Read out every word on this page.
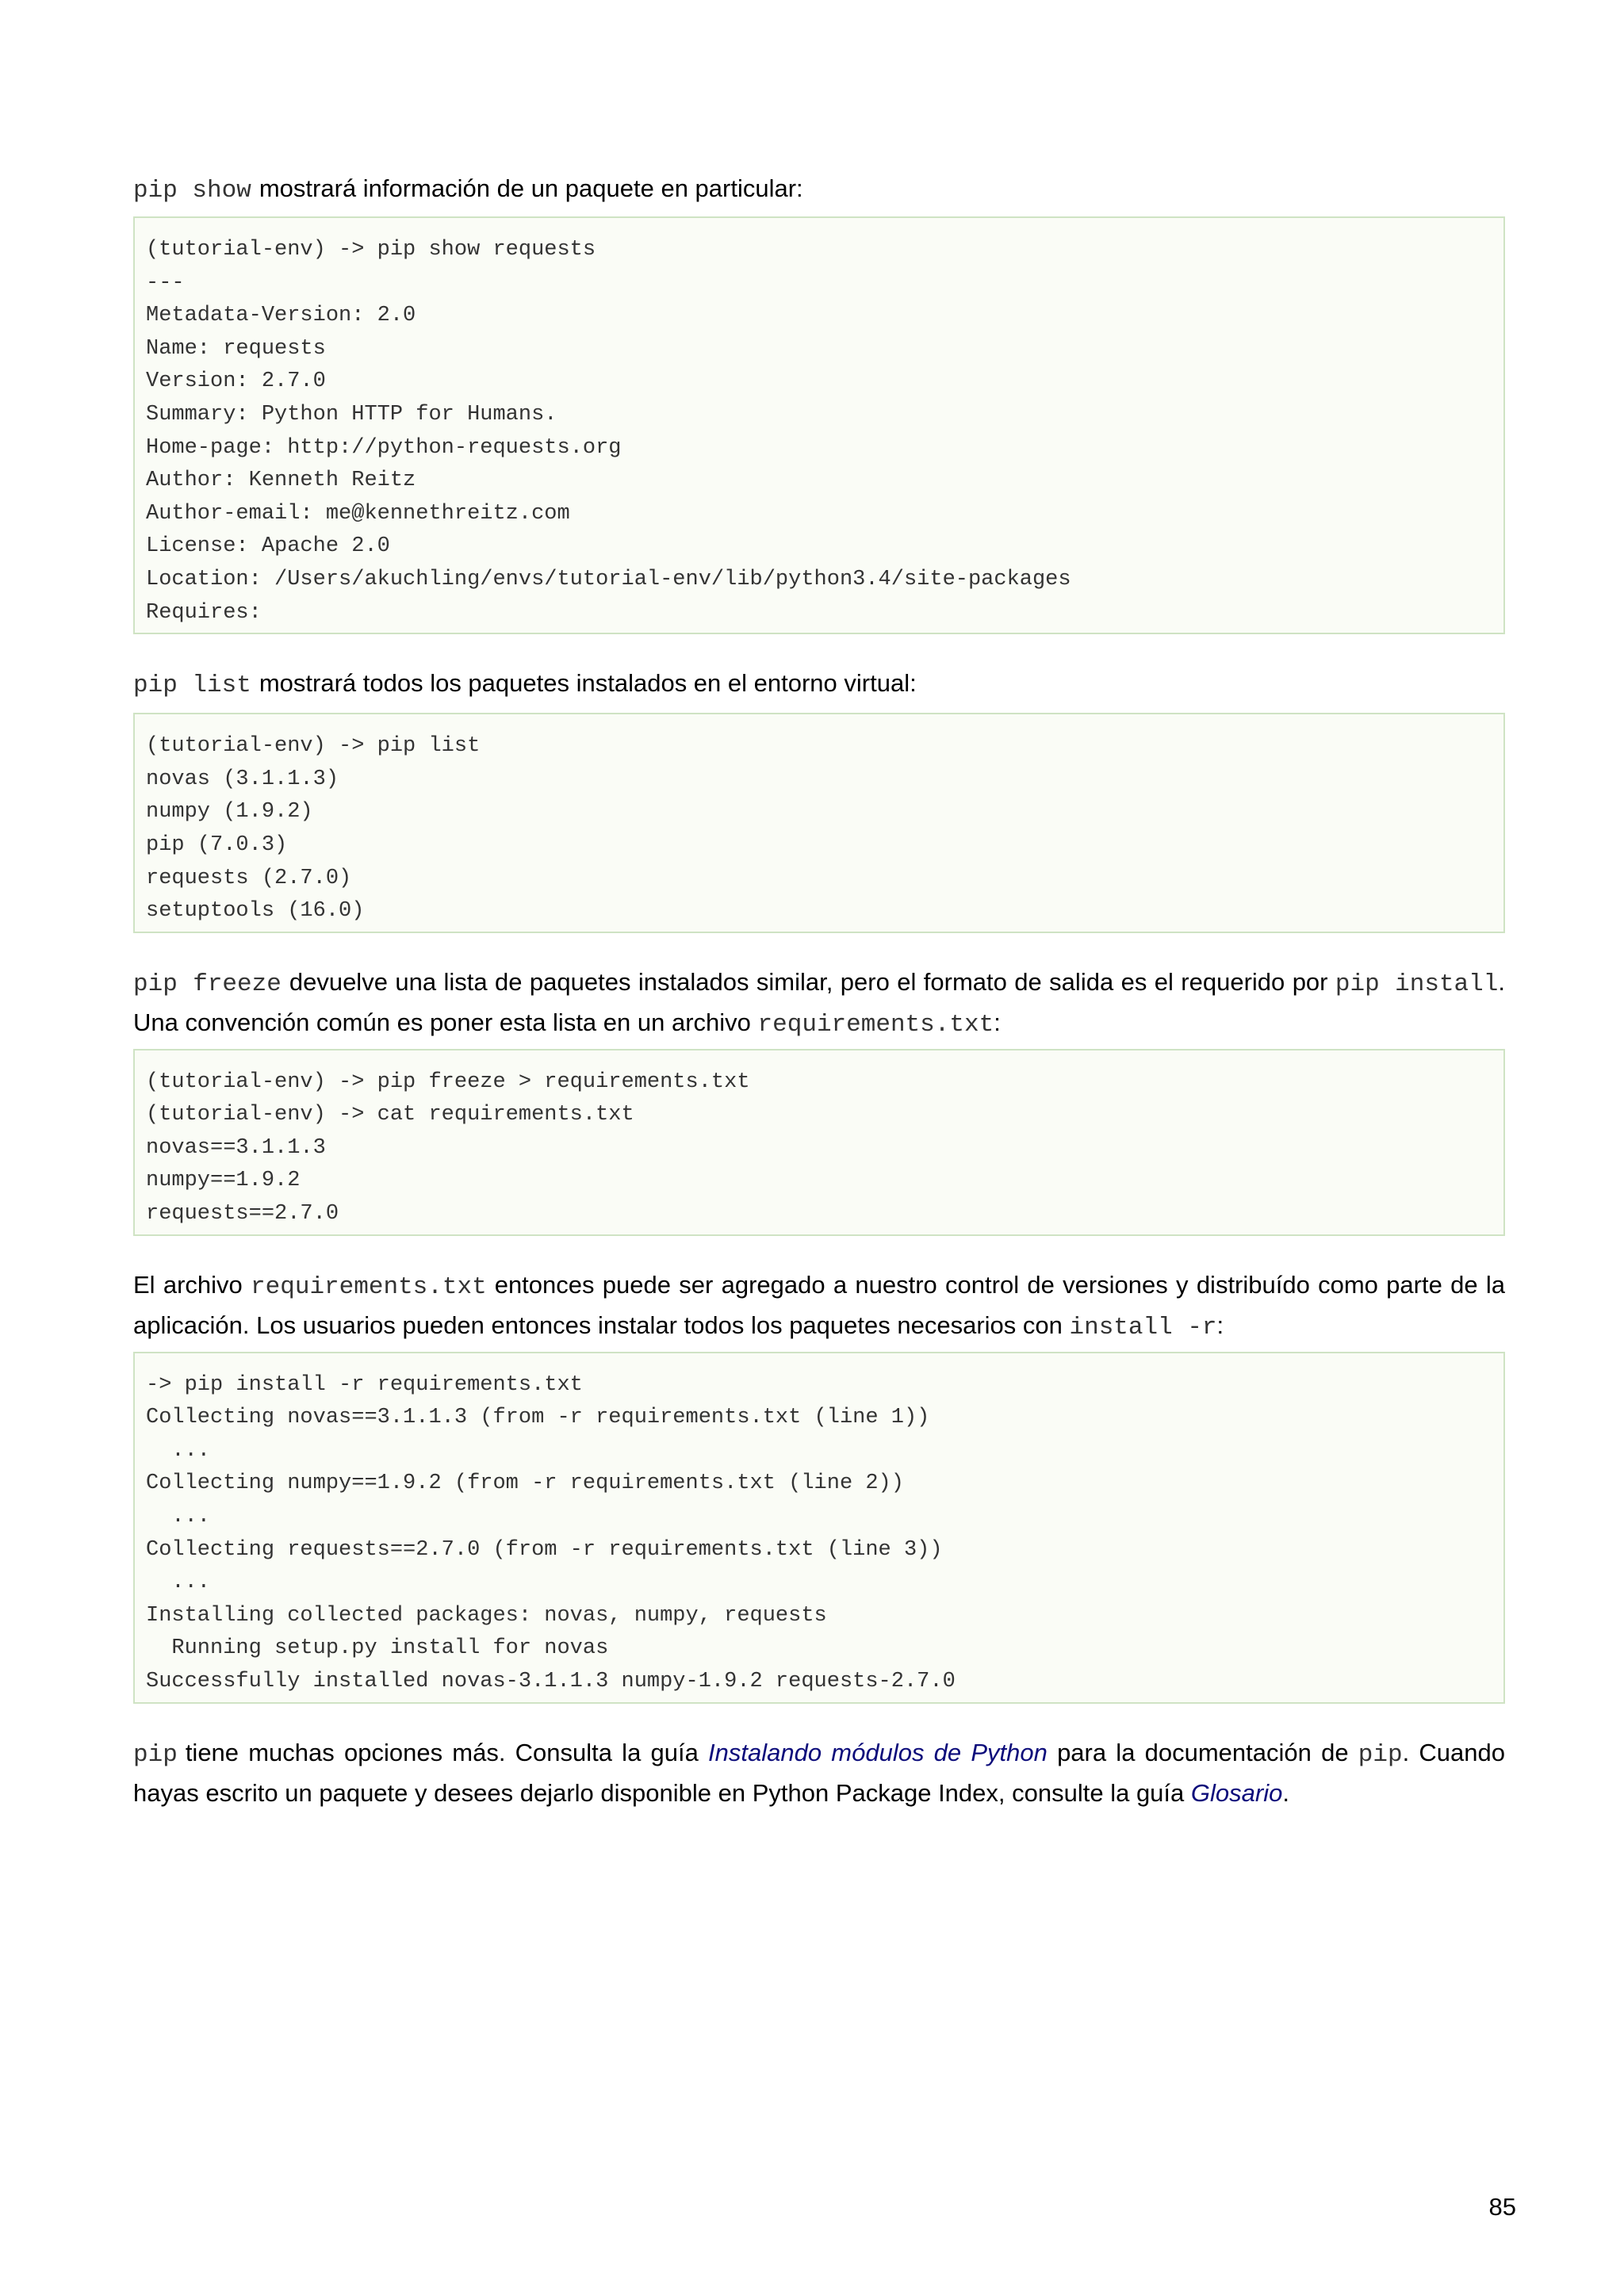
pip show mostrará información de un paquete en particular:

(tutorial-env) -> pip show requests
---
Metadata-Version: 2.0
Name: requests
Version: 2.7.0
Summary: Python HTTP for Humans.
Home-page: http://python-requests.org
Author: Kenneth Reitz
Author-email: me@kennethreitz.com
License: Apache 2.0
Location: /Users/akuchling/envs/tutorial-env/lib/python3.4/site-packages
Requires:

pip list mostrará todos los paquetes instalados en el entorno virtual:

(tutorial-env) -> pip list
novas (3.1.1.3)
numpy (1.9.2)
pip (7.0.3)
requests (2.7.0)
setuptools (16.0)

pip freeze devuelve una lista de paquetes instalados similar, pero el formato de salida es el requerido por pip install. Una convención común es poner esta lista en un archivo requirements.txt:

(tutorial-env) -> pip freeze > requirements.txt
(tutorial-env) -> cat requirements.txt
novas==3.1.1.3
numpy==1.9.2
requests==2.7.0

El archivo requirements.txt entonces puede ser agregado a nuestro control de versiones y distribuído como parte de la aplicación. Los usuarios pueden entonces instalar todos los paquetes necesarios con install -r:

-> pip install -r requirements.txt
Collecting novas==3.1.1.3 (from -r requirements.txt (line 1))
...
Collecting numpy==1.9.2 (from -r requirements.txt (line 2))
...
Collecting requests==2.7.0 (from -r requirements.txt (line 3))
...
Installing collected packages: novas, numpy, requests
Running setup.py install for novas
Successfully installed novas-3.1.1.3 numpy-1.9.2 requests-2.7.0

pip tiene muchas opciones más. Consulta la guía Instalando módulos de Python para la documentación de pip. Cuando hayas escrito un paquete y desees dejarlo disponible en Python Package Index, consulte la guía Glosario.

85
